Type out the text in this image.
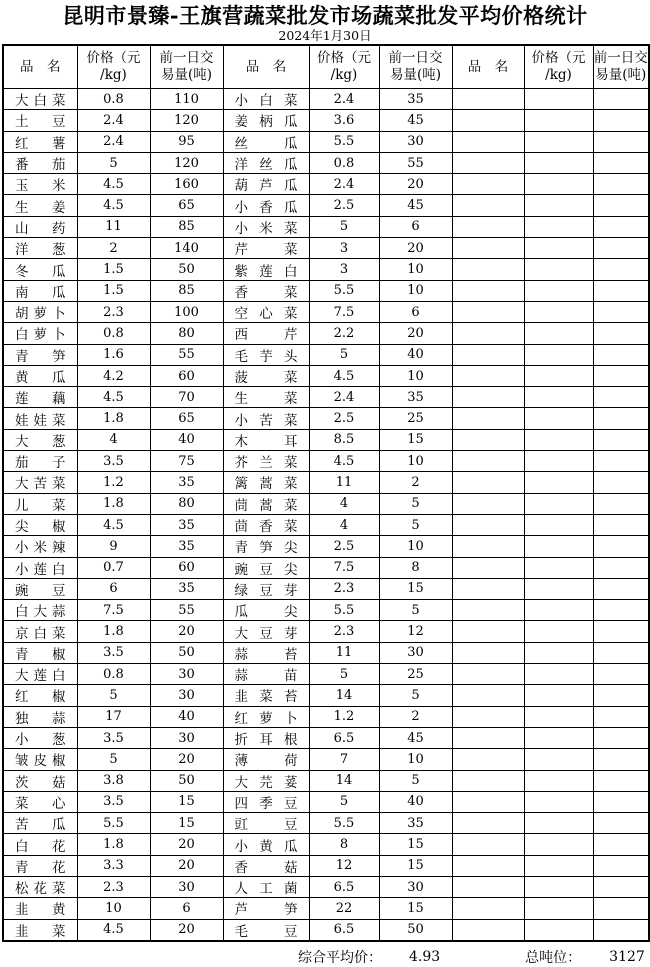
昆明市景臻-王旗营蔬菜批发市场蔬菜批发平均价格统计
2024年1月30日
品　名	
价格（元
/kg)

前一日交
易量(吨)	品　名	
价格（元
/kg)

前一日交
易量(吨)	品　名	
价格（元
/kg)

前一日交
易量(吨)

大白菜	0.8	110	小白菜	2.4	35			
土豆	2.4	120	姜柄瓜	3.6	45			
红薯	2.4	95	丝瓜	5.5	30			
番茄	5	120	洋丝瓜	0.8	55			
玉米	4.5	160	葫芦瓜	2.4	20			
生姜	4.5	65	小香瓜	2.5	45			
山药	11	85	小米菜	5	6			
洋葱	2	140	芹菜	3	20			
冬瓜	1.5	50	紫莲白	3	10			
南瓜	1.5	85	香菜	5.5	10			
胡萝卜	2.3	100	空心菜	7.5	6			
白萝卜	0.8	80	西芹	2.2	20			
青笋	1.6	55	毛芋头	5	40			
黄瓜	4.2	60	菠菜	4.5	10			
莲藕	4.5	70	生菜	2.4	35			
娃娃菜	1.8	65	小苦菜	2.5	25			
大葱	4	40	木耳	8.5	15			
茄子	3.5	75	芥兰菜	4.5	10			
大苦菜	1.2	35	篱蒿菜	11	2			
儿菜	1.8	80	茼蒿菜	4	5			
尖椒	4.5	35	茴香菜	4	5			
小米辣	9	35	青笋尖	2.5	10			
小莲白	0.7	60	豌豆尖	7.5	8			
豌豆	6	35	绿豆芽	2.3	15			
白大蒜	7.5	55	瓜尖	5.5	5			
京白菜	1.8	20	大豆芽	2.3	12			
青椒	3.5	50	蒜苔	11	30			
大莲白	0.8	30	蒜苗	5	25			
红椒	5	30	韭菜苔	14	5			
独蒜	17	40	红萝卜	1.2	2			
小葱	3.5	30	折耳根	6.5	45			
皱皮椒	5	20	薄荷	7	10			
茨菇	3.8	50	大芫荽	14	5			
菜心	3.5	15	四季豆	5	40			
苦瓜	5.5	15	豇豆	5.5	35			
白花	1.8	20	小黄瓜	8	15			
青花	3.3	20	香菇	12	15			
松花菜	2.3	30	人工菌	6.5	30			
韭黄	10	6	芦笋	22	15			
韭菜	4.5	20	毛豆	6.5	50			
综合平均价： 4.93	总吨位： 3127
